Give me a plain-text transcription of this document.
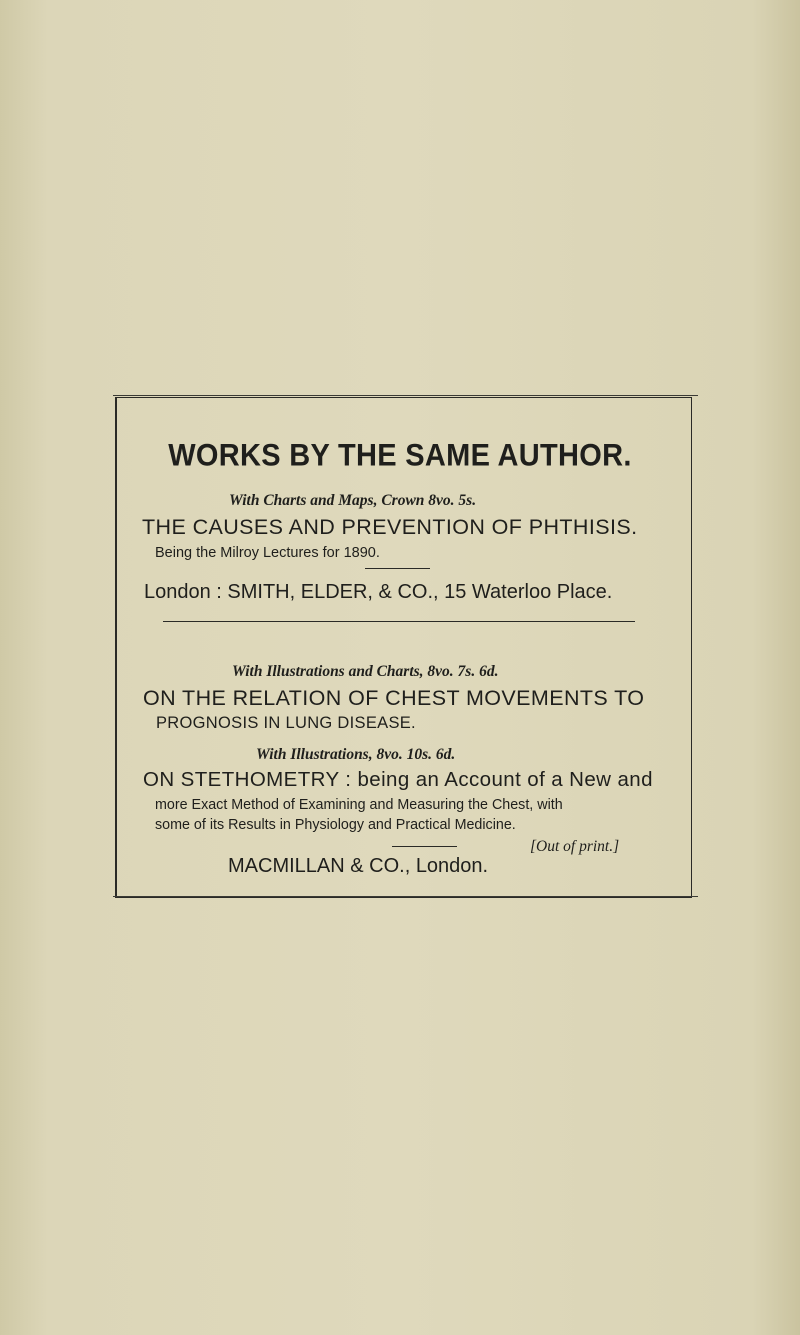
WORKS BY THE SAME AUTHOR.
With Charts and Maps, Crown 8vo. 5s.
THE CAUSES AND PREVENTION OF PHTHISIS.
Being the Milroy Lectures for 1890.
London : SMITH, ELDER, & CO., 15 Waterloo Place.
With Illustrations and Charts, 8vo. 7s. 6d.
ON THE RELATION OF CHEST MOVEMENTS TO
PROGNOSIS IN LUNG DISEASE.
With Illustrations, 8vo. 10s. 6d.
ON STETHOMETRY : being an Account of a New and
more Exact Method of Examining and Measuring the Chest, with
some of its Results in Physiology and Practical Medicine.
[Out of print.]
MACMILLAN & CO., London.
